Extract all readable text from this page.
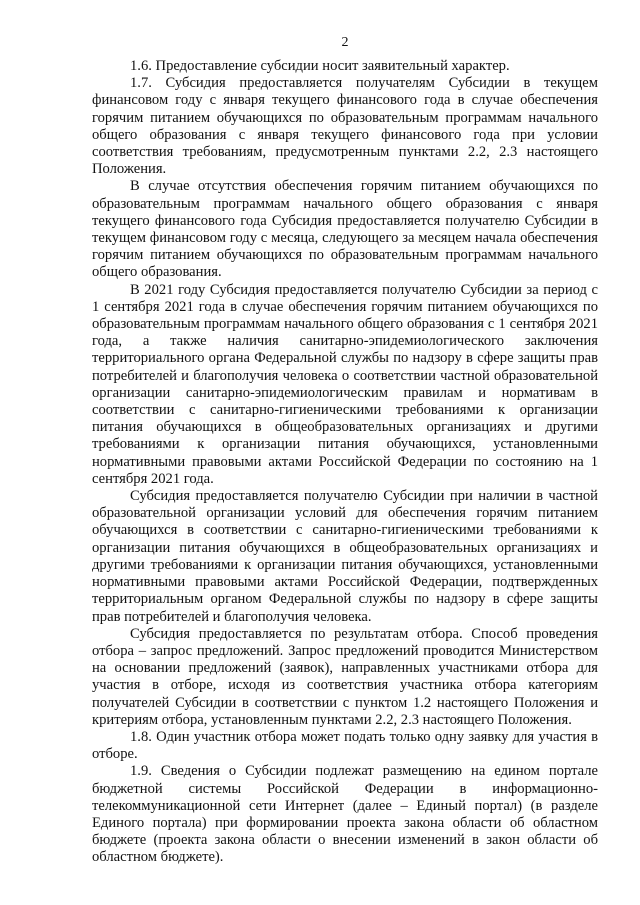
2

1.6. Предоставление субсидии носит заявительный характер.

1.7. Субсидия предоставляется получателям Субсидии в текущем финансовом году с января текущего финансового года в случае обеспечения горячим питанием обучающихся по образовательным программам начального общего образования с января текущего финансового года при условии соответствия требованиям, предусмотренным пунктами 2.2, 2.3 настоящего Положения.

В случае отсутствия обеспечения горячим питанием обучающихся по образовательным программам начального общего образования с января текущего финансового года Субсидия предоставляется получателю Субсидии в текущем финансовом году с месяца, следующего за месяцем начала обеспечения горячим питанием обучающихся по образовательным программам начального общего образования.

В 2021 году Субсидия предоставляется получателю Субсидии за период с 1 сентября 2021 года в случае обеспечения горячим питанием обучающихся по образовательным программам начального общего образования с 1 сентября 2021 года, а также наличия санитарно-эпидемиологического заключения территориального органа Федеральной службы по надзору в сфере защиты прав потребителей и благополучия человека о соответствии частной образовательной организации санитарно-эпидемиологическим правилам и нормативам в соответствии с санитарно-гигиеническими требованиями к организации питания обучающихся в общеобразовательных организациях и другими требованиями к организации питания обучающихся, установленными нормативными правовыми актами Российской Федерации по состоянию на 1 сентября 2021 года.

Субсидия предоставляется получателю Субсидии при наличии в частной образовательной организации условий для обеспечения горячим питанием обучающихся в соответствии с санитарно-гигиеническими требованиями к организации питания обучающихся в общеобразовательных организациях и другими требованиями к организации питания обучающихся, установленными нормативными правовыми актами Российской Федерации, подтвержденных территориальным органом Федеральной службы по надзору в сфере защиты прав потребителей и благополучия человека.

Субсидия предоставляется по результатам отбора. Способ проведения отбора – запрос предложений. Запрос предложений проводится Министерством на основании предложений (заявок), направленных участниками отбора для участия в отборе, исходя из соответствия участника отбора категориям получателей Субсидии в соответствии с пунктом 1.2 настоящего Положения и критериям отбора, установленным пунктами 2.2, 2.3 настоящего Положения.

1.8. Один участник отбора может подать только одну заявку для участия в отборе.

1.9. Сведения о Субсидии подлежат размещению на едином портале бюджетной системы Российской Федерации в информационно-телекоммуникационной сети Интернет (далее – Единый портал) (в разделе Единого портала) при формировании проекта закона области об областном бюджете (проекта закона области о внесении изменений в закон области об областном бюджете).
